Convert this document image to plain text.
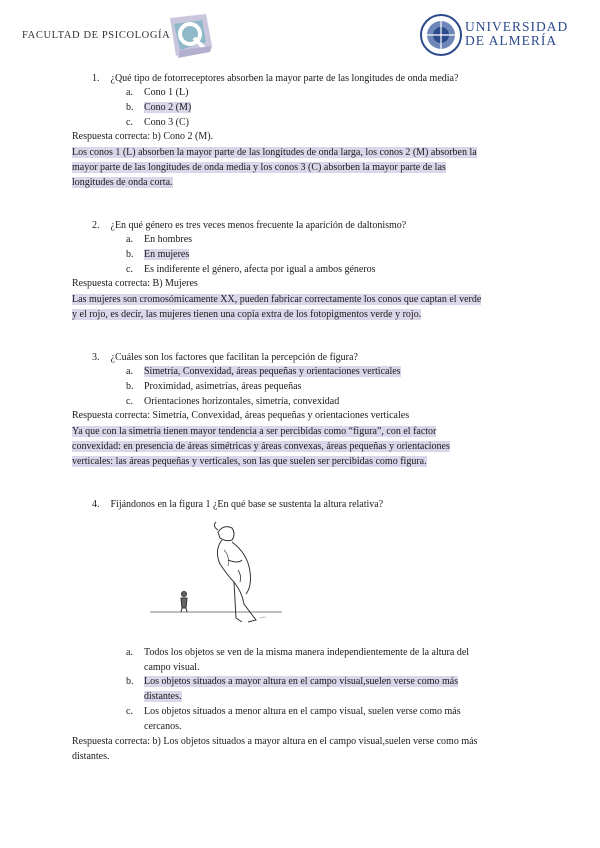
FACULTAD DE PSICOLOGÍA
UNIVERSIDAD
DE ALMERÍA
1. ¿Qué tipo de fotorreceptores absorben la mayor parte de las longitudes de onda media?
a. Cono 1 (L)
b. Cono 2 (M)
c. Cono 3 (C)
Respuesta correcta: b) Cono 2 (M).
Los conos 1 (L) absorben la mayor parte de las longitudes de onda larga, los conos 2 (M) absorben la
mayor parte de las longitudes de onda media y los conos 3 (C) absorben la mayor parte de las
longitudes de onda corta.
2. ¿En qué género es tres veces menos frecuente la aparición de daltonismo?
a. En hombres
b. En mujeres
c. Es indiferente el género, afecta por igual a ambos géneros
Respuesta correcta: B) Mujeres
Las mujeres son cromosómicamente XX, pueden fabricar correctamente los conos que captan el verde
y el rojo, es decir, las mujeres tienen una copia extra de los fotopigmentos verde y rojo.
3. ¿Cuáles son los factores que facilitan la percepción de figura?
a. Simetría, Convexidad, áreas pequeñas y orientaciones verticales
b. Proximidad, asimetrías, áreas pequeñas
c. Orientaciones horizontales, simetría, convexidad
Respuesta correcta: Simetría, Convexidad, áreas pequeñas y orientaciones verticales
Ya que con la simetría tienen mayor tendencia a ser percibidas como “figura”, con el factor
convexidad: en presencia de áreas simétricas y áreas convexas, áreas pequeñas y orientaciones
verticales: las áreas pequeñas y verticales, son las que suelen ser percibidas como figura.
4. Fijándonos en la figura 1 ¿En qué base se sustenta la altura relativa?
~~
a. Todos los objetos se ven de la misma manera independientemente de la altura del
campo visual.
b. Los objetos situados a mayor altura en el campo visual,suelen verse como más
distantes.
c. Los objetos situados a menor altura en el campo visual, suelen verse como más
cercanos.
Respuesta correcta: b) Los objetos situados a mayor altura en el campo visual,suelen verse como más
distantes.
